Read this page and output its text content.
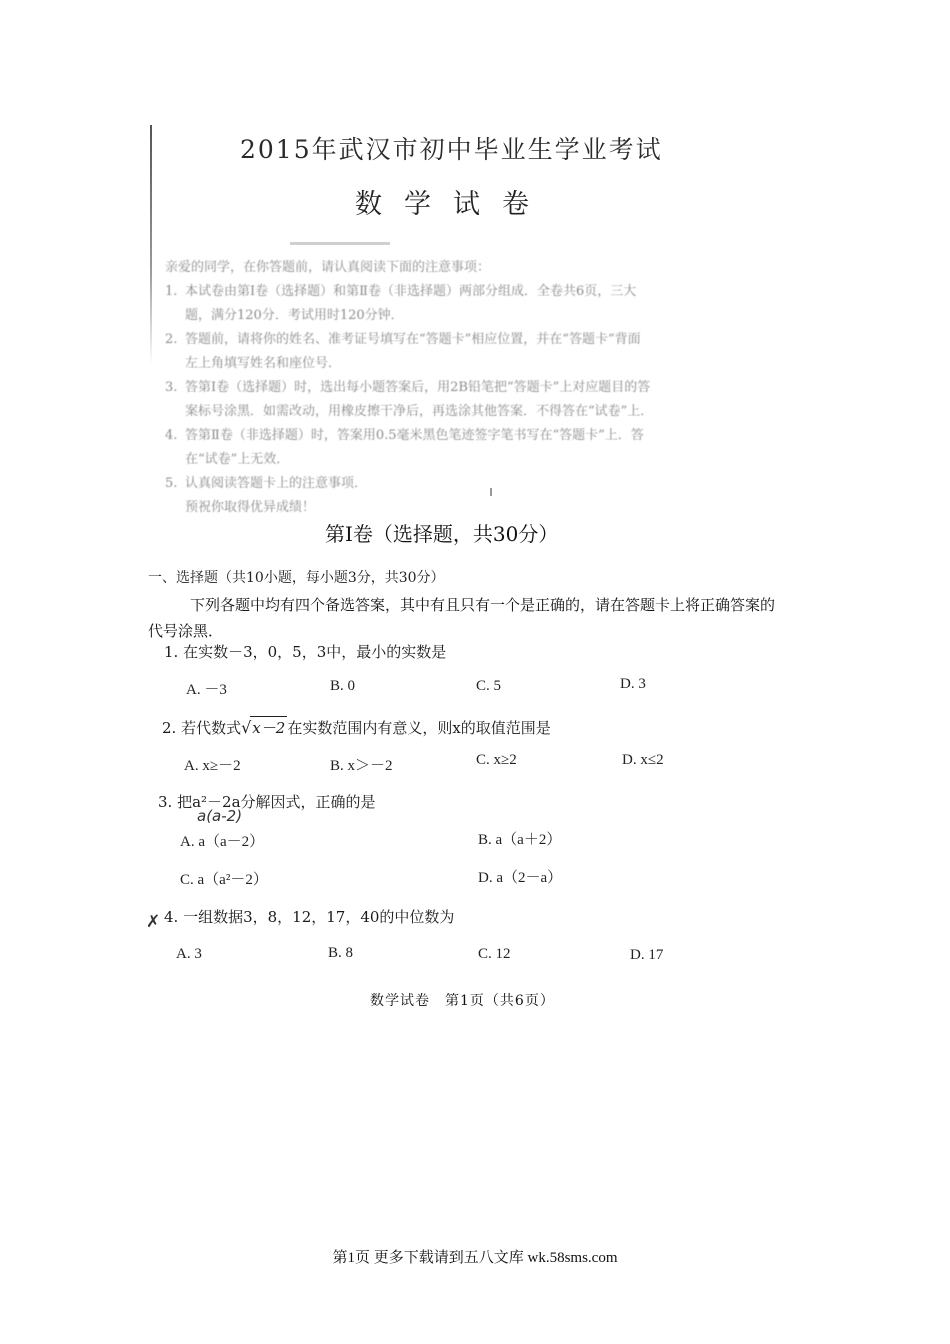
2015年武汉市初中毕业生学业考试
数学试卷
亲爱的同学，在你答题前，请认真阅读下面的注意事项：
1. 本试卷由第Ⅰ卷（选择题）和第Ⅱ卷（非选择题）两部分组成．全卷共6页，三大
题，满分120分．考试用时120分钟．
2. 答题前，请将你的姓名、准考证号填写在“答题卡”相应位置，并在“答题卡”背面
左上角填写姓名和座位号．
3. 答第Ⅰ卷（选择题）时，选出每小题答案后，用2B铅笔把“答题卡”上对应题目的答
案标号涂黑．如需改动，用橡皮擦干净后，再选涂其他答案．不得答在“试卷”上．
4. 答第Ⅱ卷（非选择题）时，答案用0.5毫米黑色笔迹签字笔书写在“答题卡”上．答
在“试卷”上无效．
5. 认真阅读答题卡上的注意事项．
预祝你取得优异成绩！
第Ⅰ卷（选择题，共30分）
一、选择题（共10小题，每小题3分，共30分）
下列各题中均有四个备选答案，其中有且只有一个是正确的，请在答题卡上将正确答案的代号涂黑．
1. 在实数－3，0，5，3中，最小的实数是
A. －3	B. 0	C. 5	D. 3
2. 若代数式√x－2 在实数范围内有意义，则x的取值范围是
A. x≥－2	B. x＞－2	C. x≥2	D. x≤2
3. 把a²－2a分解因式，正确的是
a(a-2)
A. a（a－2）	B. a（a＋2）
C. a（a²－2）	D. a（2－a）
✗ 4. 一组数据3，8，12，17，40的中位数为
A. 3	B. 8	C. 12	D. 17
数学试卷　第1页（共6页）
第1页 更多下载请到五八文库 wk.58sms.com
